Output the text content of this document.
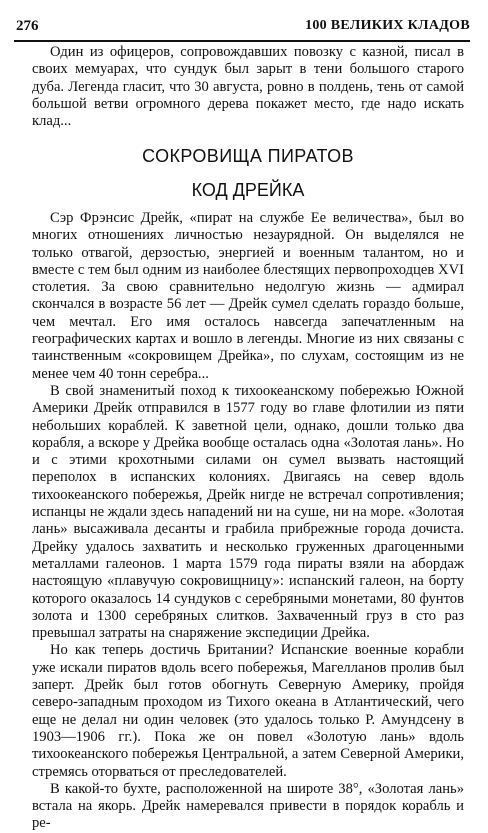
276	100 ВЕЛИКИХ КЛАДОВ

Один из офицеров, сопровождавших повозку с казной, писал в своих мемуарах, что сундук был зарыт в тени большого старого дуба. Легенда гласит, что 30 августа, ровно в полдень, тень от самой большой ветви огромного дерева покажет место, где надо искать клад...

СОКРОВИЩА ПИРАТОВ
КОД ДРЕЙКА

Сэр Фрэнсис Дрейк, «пират на службе Ее величества», был во многих отношениях личностью незаурядной. Он выделялся не только отвагой, дерзостью, энергией и военным талантом, но и вместе с тем был одним из наиболее блестящих первопроходцев XVI столетия. За свою сравнительно недолгую жизнь — адмирал скончался в возрасте 56 лет — Дрейк сумел сделать гораздо больше, чем мечтал. Его имя осталось навсегда запечатленным на географических картах и вошло в легенды. Многие из них связаны с таинственным «сокровищем Дрейка», по слухам, состоящим из не менее чем 40 тонн серебра...

В свой знаменитый поход к тихоокеанскому побережью Южной Америки Дрейк отправился в 1577 году во главе флотилии из пяти небольших кораблей. К заветной цели, однако, дошли только два корабля, а вскоре у Дрейка вообще осталась одна «Золотая лань». Но и с этими крохотными силами он сумел вызвать настоящий переполох в испанских колониях. Двигаясь на север вдоль тихоокеанского побережья, Дрейк нигде не встречал сопротивления; испанцы не ждали здесь нападений ни на суше, ни на море. «Золотая лань» высаживала десанты и грабила прибрежные города дочиста. Дрейку удалось захватить и несколько груженных драгоценными металлами галеонов. 1 марта 1579 года пираты взяли на абордаж настоящую «плавучую сокровищницу»: испанский галеон, на борту которого оказалось 14 сундуков с серебряными монетами, 80 фунтов золота и 1300 серебряных слитков. Захваченный груз в сто раз превышал затраты на снаряжение экспедиции Дрейка.

Но как теперь достичь Британии? Испанские военные корабли уже искали пиратов вдоль всего побережья, Магелланов пролив был заперт. Дрейк был готов обогнуть Северную Америку, пройдя северо-западным проходом из Тихого океана в Атлантический, чего еще не делал ни один человек (это удалось только Р. Амундсену в 1903—1906 гг.). Пока же он повел «Золотую лань» вдоль тихоокеанского побережья Центральной, а затем Северной Америки, стремясь оторваться от преследователей.

В какой-то бухте, расположенной на широте 38°, «Золотая лань» встала на якорь. Дрейк намеревался привести в порядок корабль и ре-
